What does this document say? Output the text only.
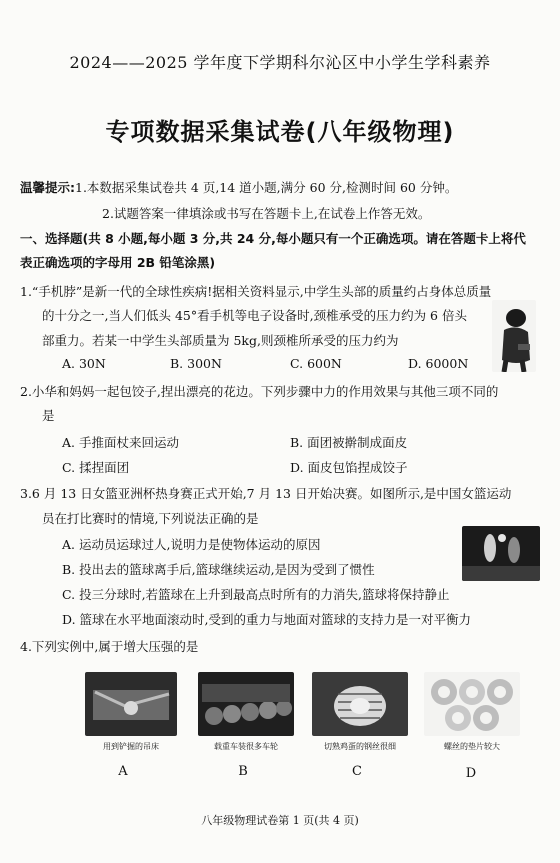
2024——2025 学年度下学期科尔沁区中小学生学科素养
专项数据采集试卷(八年级物理)
温馨提示:1.本数据采集试卷共 4 页,14 道小题,满分 60 分,检测时间 60 分钟。
2.试题答案一律填涂或书写在答题卡上,在试卷上作答无效。
一、选择题(共 8 小题,每小题 3 分,共 24 分,每小题只有一个正确选项。请在答题卡上将代
表正确选项的字母用 2B 铅笔涂黑)
1.“手机脖”是新一代的全球性疾病!据相关资料显示,中学生头部的质量约占身体总质量
的十分之一,当人们低头 45°看手机等电子设备时,颈椎承受的压力约为 6 倍头
部重力。若某一中学生头部质量为 5kg,则颈椎所承受的压力约为
A. 30N	B. 300N	C. 600N	D. 6000N
2.小华和妈妈一起包饺子,捏出漂亮的花边。下列步骤中力的作用效果与其他三项不同的
是
A. 手推面杖来回运动	B. 面团被擀制成面皮
C. 揉捏面团	D. 面皮包馅捏成饺子
3.6 月 13 日女篮亚洲杯热身赛正式开始,7 月 13 日开始决赛。如图所示,是中国女篮运动
员在打比赛时的情境,下列说法正确的是
A. 运动员运球过人,说明力是使物体运动的原因
B. 投出去的篮球离手后,篮球继续运动,是因为受到了惯性
C. 投三分球时,若篮球在上升到最高点时所有的力消失,篮球将保持静止
D. 篮球在水平地面滚动时,受到的重力与地面对篮球的支持力是一对平衡力
4.下列实例中,属于增大压强的是
用到铲掘的吊床	载重车装很多车轮	切熟鸡蛋的钢丝很细	螺丝的垫片较大
A	B	C	D
八年级物理试卷第 1 页(共 4 页)
